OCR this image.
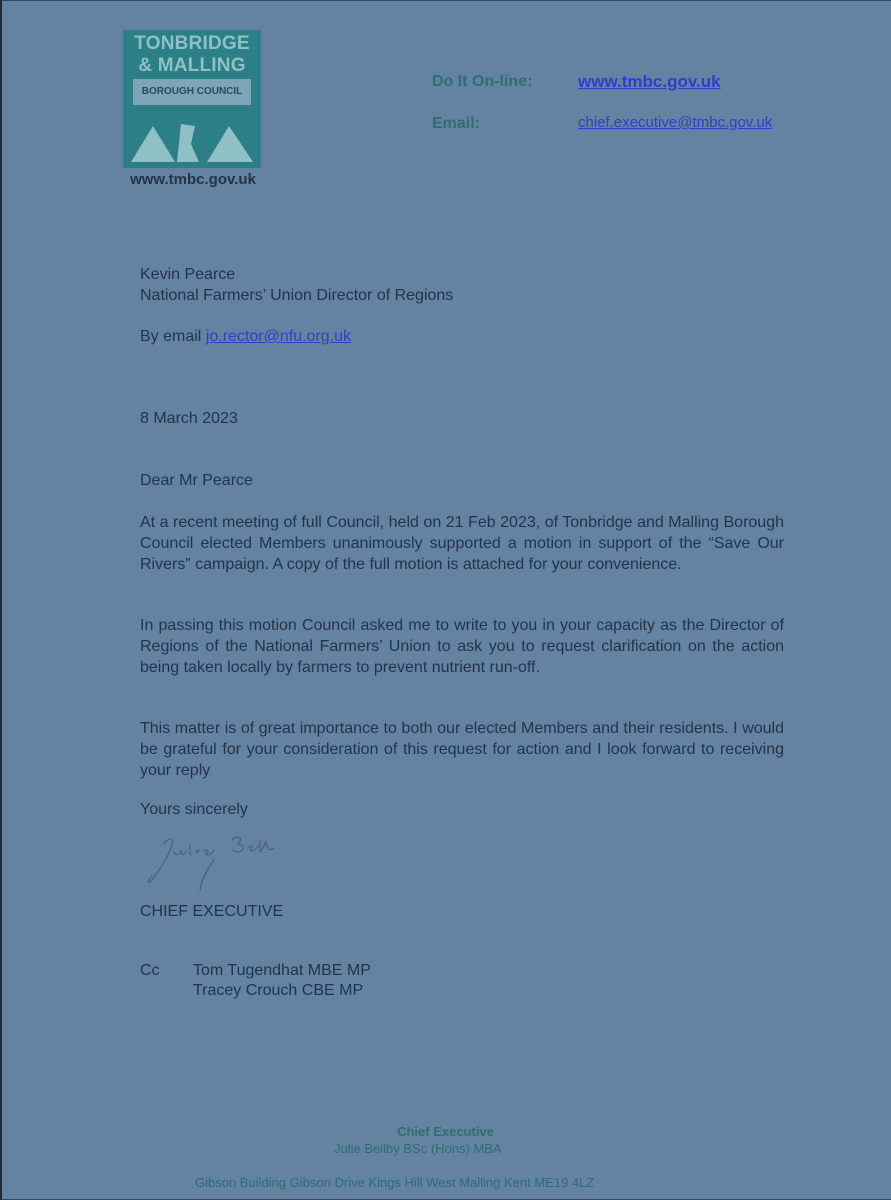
TONBRIDGE
& MALLING
BOROUGH COUNCIL
www.tmbc.gov.uk
Do It On-line:	www.tmbc.gov.uk
Email:	chief.executive@tmbc.gov.uk
Kevin Pearce
National Farmers’ Union Director of Regions
By email jo.rector@nfu.org.uk
8 March 2023
Dear Mr Pearce

At a recent meeting of full Council, held on 21 Feb 2023, of Tonbridge and Malling Borough Council elected Members unanimously supported a motion in support of the “Save Our Rivers” campaign. A copy of the full motion is attached for your convenience.

In passing this motion Council asked me to write to you in your capacity as the Director of Regions of the National Farmers’ Union to ask you to request clarification on the action being taken locally by farmers to prevent nutrient run-off.

This matter is of great importance to both our elected Members and their residents. I would be grateful for your consideration of this request for action and I look forward to receiving your reply

Yours sincerely
CHIEF EXECUTIVE
Cc Tom Tugendhat MBE MP
Tracey Crouch CBE MP
Chief Executive
Julie Beilby BSc (Hons) MBA
Gibson Building Gibson Drive Kings Hill West Malling Kent ME19 4LZ
